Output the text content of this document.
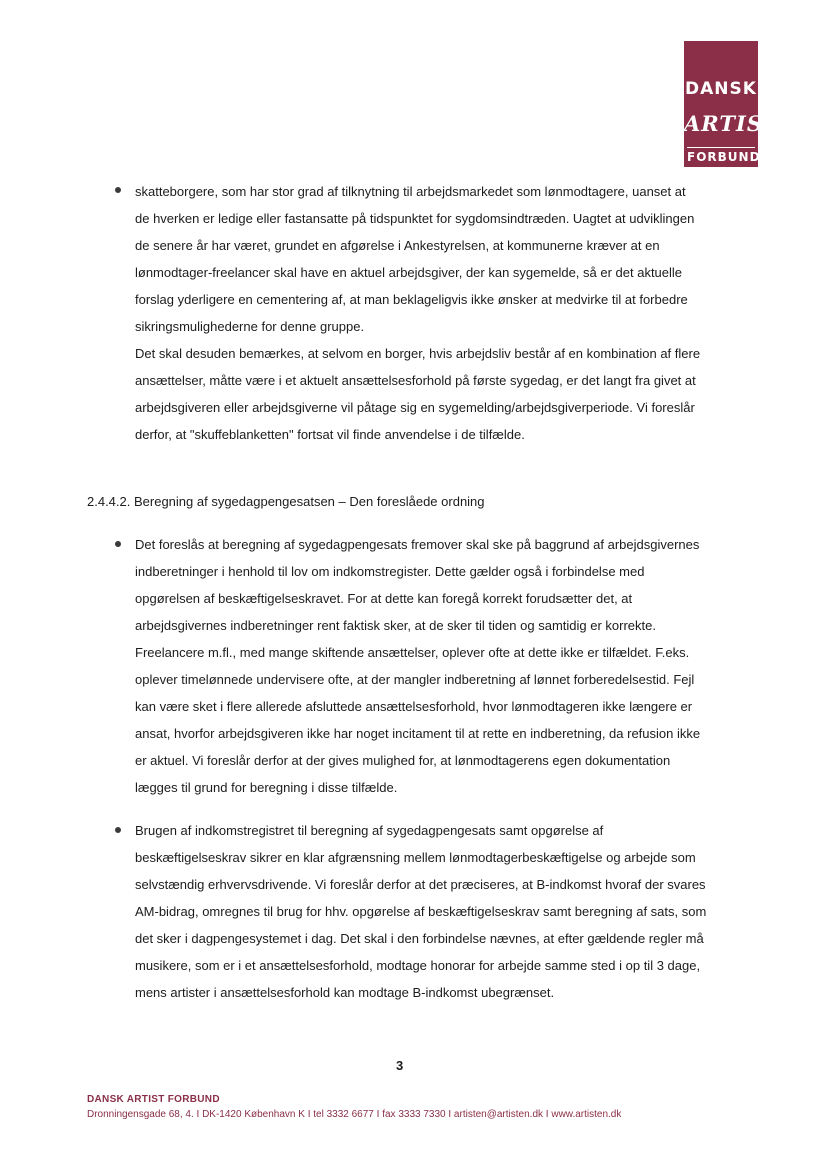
DANSK
ARTIST
FORBUND
skatteborgere, som har stor grad af tilknytning til arbejdsmarkedet som lønmodtagere, uanset at
de hverken er ledige eller fastansatte på tidspunktet for sygdomsindtræden. Uagtet at udviklingen
de senere år har været, grundet en afgørelse i Ankestyrelsen, at kommunerne kræver at en
lønmodtager-freelancer skal have en aktuel arbejdsgiver, der kan sygemelde, så er det aktuelle
forslag yderligere en cementering af, at man beklageligvis ikke ønsker at medvirke til at forbedre
sikringsmulighederne for denne gruppe.
Det skal desuden bemærkes, at selvom en borger, hvis arbejdsliv består af en kombination af flere
ansættelser, måtte være i et aktuelt ansættelsesforhold på første sygedag, er det langt fra givet at
arbejdsgiveren eller arbejdsgiverne vil påtage sig en sygemelding/arbejdsgiverperiode. Vi foreslår
derfor, at "skuffeblanketten" fortsat vil finde anvendelse i de tilfælde.
2.4.4.2. Beregning af sygedagpengesatsen – Den foreslåede ordning
Det foreslås at beregning af sygedagpengesats fremover skal ske på baggrund af arbejdsgivernes
indberetninger i henhold til lov om indkomstregister. Dette gælder også i forbindelse med
opgørelsen af beskæftigelseskravet. For at dette kan foregå korrekt forudsætter det, at
arbejdsgivernes indberetninger rent faktisk sker, at de sker til tiden og samtidig er korrekte.
Freelancere m.fl., med mange skiftende ansættelser, oplever ofte at dette ikke er tilfældet. F.eks.
oplever timelønnede undervisere ofte, at der mangler indberetning af lønnet forberedelsestid. Fejl
kan være sket i flere allerede afsluttede ansættelsesforhold, hvor lønmodtageren ikke længere er
ansat, hvorfor arbejdsgiveren ikke har noget incitament til at rette en indberetning, da refusion ikke
er aktuel. Vi foreslår derfor at der gives mulighed for, at lønmodtagerens egen dokumentation
lægges til grund for beregning i disse tilfælde.
Brugen af indkomstregistret til beregning af sygedagpengesats samt opgørelse af
beskæftigelseskrav sikrer en klar afgrænsning mellem lønmodtagerbeskæftigelse og arbejde som
selvstændig erhvervsdrivende. Vi foreslår derfor at det præciseres, at B-indkomst hvoraf der svares
AM-bidrag, omregnes til brug for hhv. opgørelse af beskæftigelseskrav samt beregning af sats, som
det sker i dagpengesystemet i dag. Det skal i den forbindelse nævnes, at efter gældende regler må
musikere, som er i et ansættelsesforhold, modtage honorar for arbejde samme sted i op til 3 dage,
mens artister i ansættelsesforhold kan modtage B-indkomst ubegrænset.
3
DANSK ARTIST FORBUND
Dronningensgade 68, 4. I DK-1420 København K I tel 3332 6677 I fax 3333 7330 I artisten@artisten.dk I www.artisten.dk
